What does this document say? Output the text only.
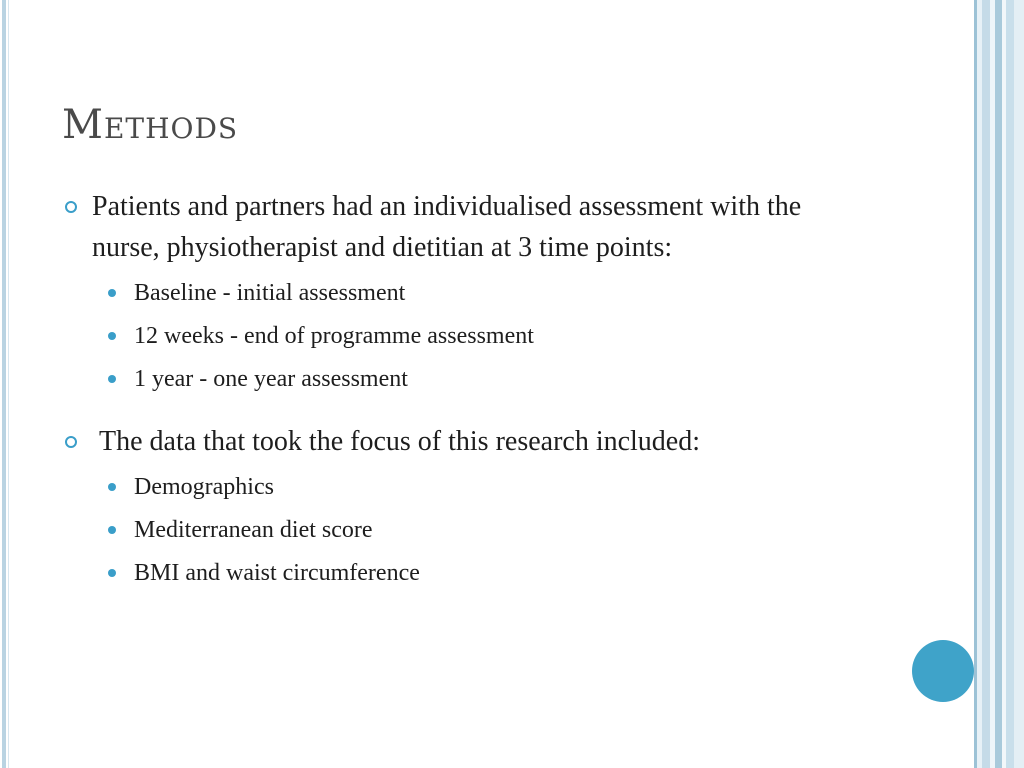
Methods
Patients and partners had an individualised assessment with the nurse, physiotherapist and dietitian at 3 time points:
Baseline - initial assessment
12 weeks - end of programme assessment
1 year - one year assessment
The data that took the focus of this research included:
Demographics
Mediterranean diet score
BMI and waist circumference
